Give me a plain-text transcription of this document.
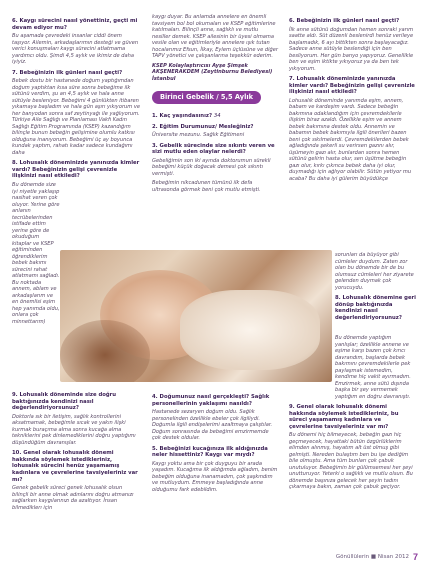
6. Kaygı sürecini nasıl yönettiniz, geçti mi devam ediyor mu?
Bu aşamada çevredeki insanlar ciddi önem taşıyor. Ailemin, arkadaşlarımın desteği ve güven verici konuşmaları kaygı sürecini atlatmama yardımcı oldu. Şimdi 4,5 aylık ve ikimiz de daha iyiyiz.
7. Bebeğinizin ilk günleri nasıl geçti?
Bebek dostu bir hastanede doğum yaptığımdan doğum yaptıktan kısa süre sonra bebeğime ilk sütünü verdim, şu an 4,5 aylık ve hala anne sütüyle besleniyor. Bebeğimi 4 günlükten itibaren yıkamaya başladım ve hala gün aşırı yıkıyorum ve her banyodan sonra saf zeytinyağı ile yağlıyorum. Türkiye Aile Sağlığı ve Planlaması Vakfı Kadın Sağlığı Eğitim Programında (KSEP) kazandığım bilinçle bunun bebeğin gelişimine olumlu katkısı olduğuna inanıyorum. Bebeğimi üç ay boyunca kundak yaptım, rahatı kadar sadece kundağımı daha
8. Lohusalık döneminizde yanınızda kimler vardı? Bebeğinizin gelişi çevrenizle ilişkinizi nasıl etkiledi?
Bu dönemde size iyi niyetle yaklaşıp nasihat veren çok oluyor. Yerine göre anlanın tecrübelerinden istifade ettim yerine göre de okuduğum kitaplar ve KSEP eğitiminden öğrendiklerim bebek bakımı sürecini rahat atlatmamı sağladı. Bu noktada annem, ablam ve arkadaşlarım ve en önemlisi eşim hep yanımda oldu, onlara çok minnettarım)
kaygı duyar. Bu anlamda annelere en önemli tavsiyem bol bol okumaları ve KSEP eğitimlerine katılmaları. Bilinçli anne, sağlıklı ve mutlu nesiller demek. KSEP ailesinin bir üyesi olmama vesile olan ve eğitimleriyle annelere ışık tutan hocalarımız Efsun, İlkay, Eylem üçlüsüne ve diğer TAPV yönetici ve çalışanlarına teşekkür ederim.
KSEP Kolaylaştırıcısı Ayşe Şimşek AKŞENERAKDEM (Zeytinburnu Belediyesi) İstanbul
Birinci Gebelik / 5,5 Aylık
1. Kaç yaşındasınız? 34
2. Eğitim Durumunuz/ Mesleğiniz?
Üniversite mezunu. Sağlık Eğitimeni
3. Gebelik sürecinde size sıkıntı veren ve sizi mutlu eden olaylar nelerdi?
Gebeliğimin son iki ayında doktorumun sürekli bebeğimi küçük doğacak demesi çok sıkıntı vermişti.
Bebeğimin nikcadunen tümünü ilk defa ultrasonda görmek beni çok mutlu etmişti.
6. Bebeğinizin ilk günleri nasıl geçti?
İlk anne sütünü doğumdan hemen sonraki yarım saatte aldı. Süt düzenli beslenirdi henüz verileye başlamadık, 6 ayı bittikten sonra başlayacağız. Sadece anne sütüyle beslendiği için ben besliyorum. Her gün banyo yapıyoruz. Genellikle ben ve eşim iktikte yıkıyoruz ya da ben tek yıkıyorum.
7. Lohusalık döneminizde yanınızda kimler vardı? Bebeğinizin gelişi çevrenizle ilişkinizi nasıl etkiledi?
Lohusalık döneminde yanımda eşim, annem, babam ve kardeşim vardı. Sadece bebeğin bakımına odaklandığım için çevremdekilerle ilişkim biraz azaldı. Özellikle eşim ve annem bebek bakımına destek oldu. Annemin ve babamın bebek bakımıyla ilgili önerileri bazen beni çok sıkılmelerdi. Çevremdekilerden bebek ağladığında şekerli su verirsen gazını alır, üşümeyin gazı alır, bunlardan sonra hemen sütünü gelirin hasta olur, sen üşütme bebeğin gazı olur, kırkı çıkınca bebek daha iyi olur, duymadığı için ağlıyor olabilir. Sütün yetiyor mu acaba? Bu daha iyi gülerim büyüdükçe
9. Lohusalık döneminde size doğru baktığınızda kendinizi nasıl değerlendiriyorsunuz?
Doktorla sık bir iletişim, sağlık kontrollerini aksatmamak, bebeğimle sıcak ve yakın ilişki kurmak buraçıma alma sonra kucağa alma tekniklerini pek dinlemediklerini doğru yaptığımı düşündüğüm davranışlar.
10. Genel olarak lohusalık dönemi hakkında söylemek istedikleriniz, lohusalık sürecini henüz yaşamamış kadınlara ve çevrelerine tavsiyeleriniz var mı?
Genek gebelik süreci genek lohusalık olsun bilinçli bir anne olmak adınlarını doğru atmanızı sağlarken kaygılarınızı da azaltıyor. İnsan bilmediklerı için
4. Doğumunuz nasıl gerçekleşti? Sağlık personellerinin yaklaşımı nasıldı?
Hastanede sezaryen doğum oldu. Sağlık personelinden özellikle ebeler çok ilgiliydi. Doğumla ilgili endişelerimi azaltmaya çalıştılar. Doğum sonrasında da bebeğimi emzirmemde çok destek oldular.
5. Bebeğinizi kucağınıza ilk aldığınızda neler hissettiniz? Kaygı var mıydı?
Kaygı yoktu ama bir çok duyguyu bir arada yaşadım. Kucağıma ilk aldığımda ağladım, benim bebeğim olduğuna inanamadım, çok şaşkındım ve mutluydum. Emmeye başladığında anne olduğumu fark edebildim.
sorunları da büyüyor gibi cümleler duydum. Zaten zor olan bu dönemde bir de bu olumsuz cümleleri her ziyarete gelenden duymak çok yorucuydu.
8. Lohusalık dönemine geri dönüp baktığınızda kendinizi nasıl değerlendiriyorsunuz?
Bu dönemde yaptığım yanlışlar; özellikle annene ve eşime karşı bazen çok kırıcı davrandım, başlarda bebek bakımını çevremdekilerle pek paylaşmak istemedim, kendime hiç vakit ayırmadım. Emzirmek, anne sütü dışında başka bir şey vermemek yaptığım en doğru davranıştı.
9. Genel olarak lohusalık dönemi hakkında söylemek istedikleriniz, bu süreci yaşamamış kadınlara ve çevrelerine tavsiyeleriniz var mı?
Bu dönemi hiç bilmeyecek, bebeğin gazı hiç geçmeyecek, hayattaki bütün özgürlüklerim elimden alınmış, hayatım alt üst olmuş gibi gelmişti. Nereden bulaştım ben bu işe dediğim bile olmuştu. Ama tüm bunları çok çabuk unutuluyor. Bebeğimin bir gülümsemesi her şeyi unutturuyor. Yeterki o sağlıklı ve mutlu olsun. Bu dönemde başınıza gelecek her şeyin tadını çıkarmaya bakın, zaman çok çabuk geçiyor.
Gönüllülerin ■ Nisan 2012 7
